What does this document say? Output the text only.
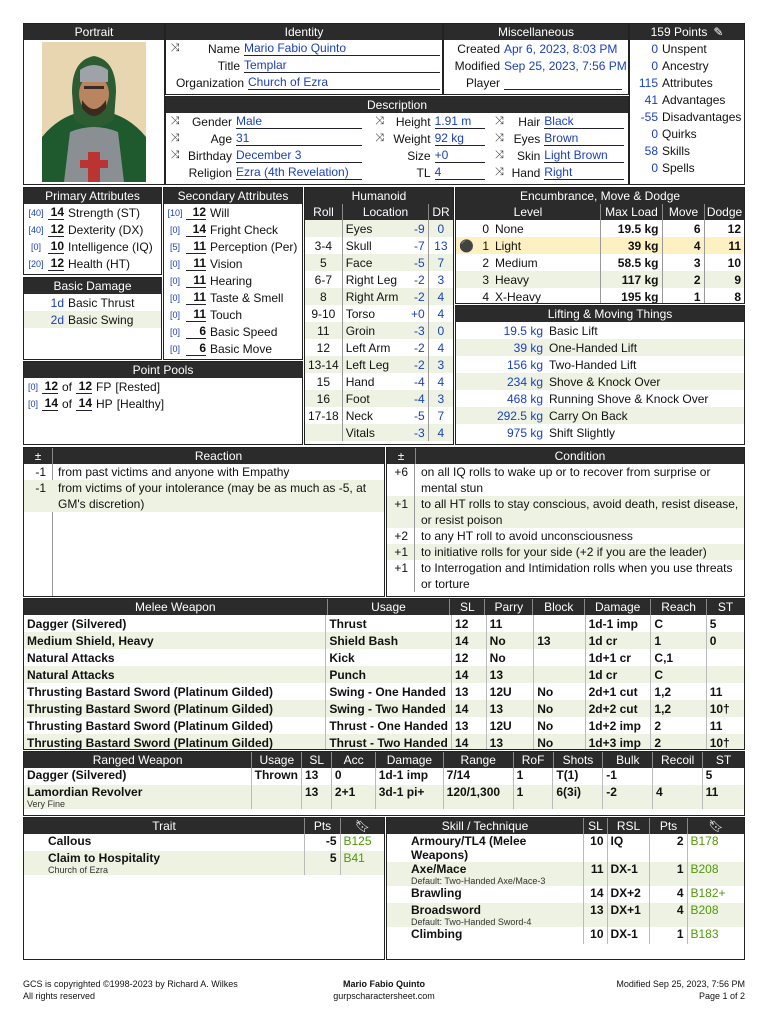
Portrait	Identity
⤨	Name Mario Fabio Quinto
Title Templar
Organization Church of Ezra
Miscellaneous
Created Apr 6, 2023, 8:03 PM
Modified Sep 25, 2023, 7:56 PM
Player
159 Points ✎
0 Unspent
0 Ancestry
115 Attributes
41 Advantages
-55 Disadvantages
0 Quirks
58 Skills
0 Spells
Description
⤨	Gender Male
⤨	Age 31
⤨ Birthday December 3
Religion Ezra (4th Revelation)
⤨ Height 1.91 m
⤨ Weight 92 kg
Size +0
TL 4
⤨	Hair Black
⤨ Eyes Brown
⤨	Skin Light Brown
⤨ Hand Right
Primary Attributes
[40] 14 Strength (ST)
[40] 12 Dexterity (DX)
[0] 10 Intelligence (IQ)
[20] 12 Health (HT)
Basic Damage
1d Basic Thrust
2d Basic Swing
Secondary Attributes
[10] 12 Will
[0]	14 Fright Check
[5]	11 Perception (Per)
[0]	11 Vision
[0]	11 Hearing
[0]	11 Taste & Smell
[0]	11 Touch
[0]	6 Basic Speed
[0]	6 Basic Move
Point Pools
[0] 12 of 12 FP [Rested]
[0] 14 of 14 HP [Healthy]
Humanoid
Roll	Location	DR
	Eyes	-9	0
3-4	Skull	-7	13
5	Face	-5	7
6-7	Right Leg	-2	3
8	Right Arm	-2	4
9-10	Torso	+0	4
11	Groin	-3	0
12	Left Arm	-2	4
13-14	Left Leg	-2	3
15	Hand	-4	4
16	Foot	-4	3
17-18	Neck	-5	7
	Vitals	-3	4
Encumbrance, Move & Dodge
Level	Max Load Move Dodge
	0	None	19.5 kg	6	12
⚫	1	Light	39 kg	4	11
	2	Medium	58.5 kg	3	10
	3	Heavy	117 kg	2	9
	4	X-Heavy	195 kg	1	8
Lifting & Moving Things
19.5 kg	Basic Lift
39 kg	One-Handed Lift
156 kg	Two-Handed Lift
234 kg	Shove & Knock Over
468 kg	Running Shove & Knock Over
292.5 kg	Carry On Back
975 kg	Shift Slightly
±	Reaction
-1	from past victims and anyone with Empathy
-1	from victims of your intolerance (may be as much as -5, at
GM's discretion)
±	Condition
+6	on all IQ rolls to wake up or to recover from surprise or
mental stun
+1	to all HT rolls to stay conscious, avoid death, resist disease,
or resist poison
+2	to any HT roll to avoid unconsciousness
+1	to initiative rolls for your side (+2 if you are the leader)
+1	to Interrogation and Intimidation rolls when you use threats
or torture
Melee Weapon	Usage	SL	Parry	Block	Damage	Reach	ST
Dagger (Silvered)	Thrust	12	11		1d-1 imp	C	5
Medium Shield, Heavy	Shield Bash	14	No	13	1d cr	1	0
Natural Attacks	Kick	12	No		1d+1 cr	C,1	
Natural Attacks	Punch	14	13		1d cr	C	
Thrusting Bastard Sword (Platinum Gilded)	Swing - One Handed	13	12U	No	2d+1 cut	1,2	11
Thrusting Bastard Sword (Platinum Gilded)	Swing - Two Handed	14	13	No	2d+2 cut	1,2	10†
Thrusting Bastard Sword (Platinum Gilded)	Thrust - One Handed	13	12U	No	1d+2 imp	2	11
Thrusting Bastard Sword (Platinum Gilded)	Thrust - Two Handed	14	13	No	1d+3 imp	2	10†
Ranged Weapon	Usage	SL	Acc	Damage	Range	RoF	Shots	Bulk	Recoil	ST
Dagger (Silvered)	Thrown	13	0	1d-1 imp	7/14	1	T(1)	-1		5

Lamordian Revolver
Very Fine		13	2+1	3d-1 pi+	120/1,300	1	6(3i)	-2	4	11
Trait	Pts	🔖︎
Callous	-5	B125

Claim to Hospitality
Church of Ezra	5	B41
Skill / Technique	SL	RSL	Pts	🔖︎
Armoury/TL4 (Melee
Weapons)	10	IQ	2	B178

Axe/Mace
Default: Two-Handed Axe/Mace-3	11	DX-1	1	B208

Brawling	14	DX+2	4	B182+

Broadsword
Default: Two-Handed Sword-4	13	DX+1	4	B208

Climbing	10	DX-1	1	B183
GCS is copyrighted ©1998-2023 by Richard A. Wilkes
All rights reserved
Mario Fabio Quinto
gurpscharactersheet.com
Modified Sep 25, 2023, 7:56 PM
Page 1 of 2
